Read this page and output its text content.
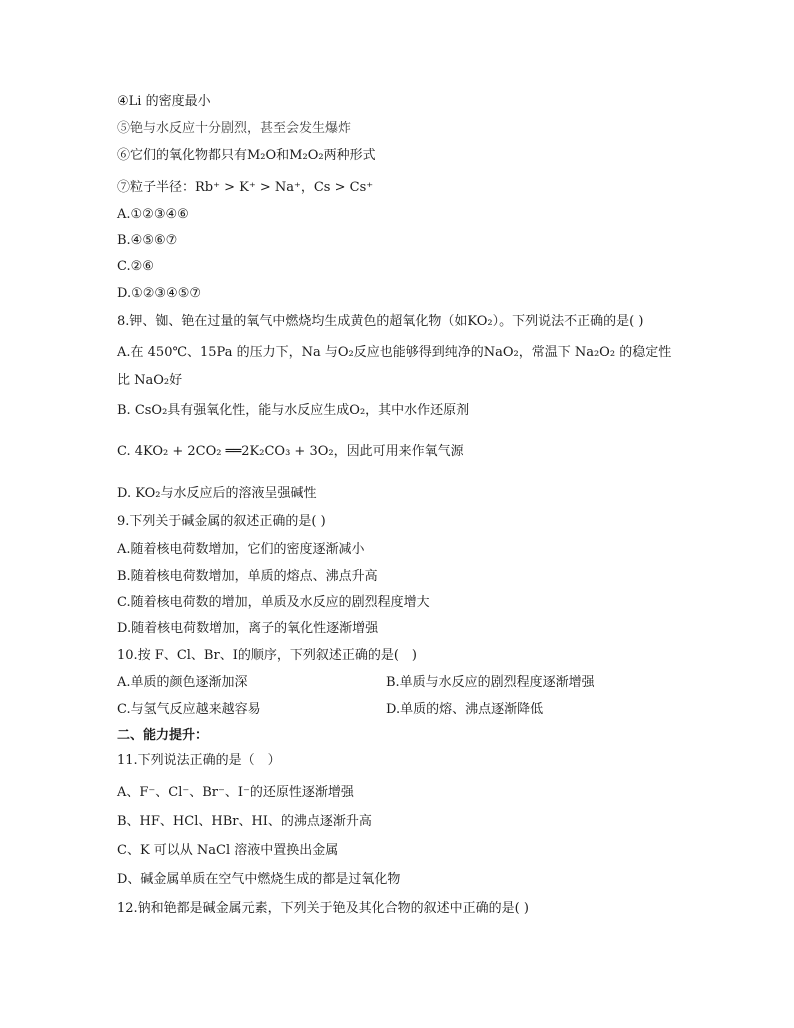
④Li 的密度最小
⑤铯与水反应十分剧烈，甚至会发生爆炸
⑥它们的氧化物都只有M₂O和M₂O₂两种形式
⑦粒子半径：Rb⁺ > K⁺ > Na⁺，Cs > Cs⁺
A.①②③④⑥
B.④⑤⑥⑦
C.②⑥
D.①②③④⑤⑦
8.钾、铷、铯在过量的氧气中燃烧均生成黄色的超氧化物（如KO₂）。下列说法不正确的是( )
A.在 450℃、15Pa 的压力下，Na 与O₂反应也能够得到纯净的NaO₂，常温下 Na₂O₂ 的稳定性
比 NaO₂好
B. CsO₂具有强氧化性，能与水反应生成O₂，其中水作还原剂
C. 4KO₂ + 2CO₂ ══2K₂CO₃ + 3O₂，因此可用来作氧气源
D. KO₂与水反应后的溶液呈强碱性
9.下列关于碱金属的叙述正确的是( )
A.随着核电荷数增加，它们的密度逐渐减小
B.随着核电荷数增加，单质的熔点、沸点升高
C.随着核电荷数的增加，单质及水反应的剧烈程度增大
D.随着核电荷数增加，离子的氧化性逐渐增强
10.按 F、Cl、Br、I的顺序，下列叙述正确的是(　)
A.单质的颜色逐渐加深	B.单质与水反应的剧烈程度逐渐增强
C.与氢气反应越来越容易	D.单质的熔、沸点逐渐降低
二、能力提升：
11.下列说法正确的是（　）
A、F⁻、Cl⁻、Br⁻、I⁻的还原性逐渐增强
B、HF、HCl、HBr、HI、的沸点逐渐升高
C、K 可以从 NaCl 溶液中置换出金属
D、碱金属单质在空气中燃烧生成的都是过氧化物
12.钠和铯都是碱金属元素，下列关于铯及其化合物的叙述中正确的是( )
